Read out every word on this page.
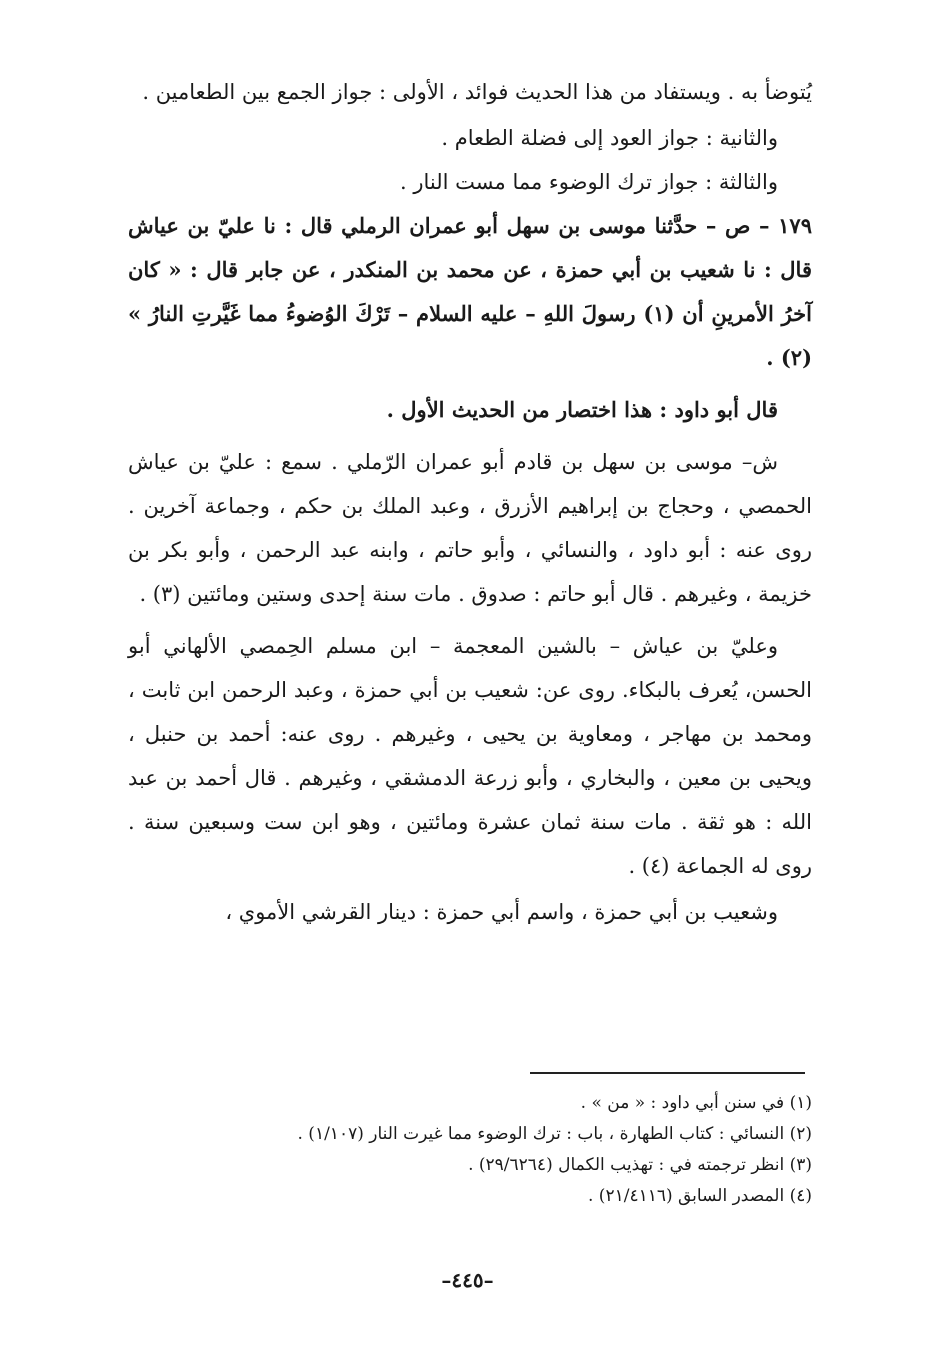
يُتوضأ به . ويستفاد من هذا الحديث فوائد ، الأولى : جواز الجمع بين الطعامين .

والثانية : جواز العود إلى فضلة الطعام .

والثالثة : جواز ترك الوضوء مما مست النار .

١٧٩ – ص – حدَّثنا موسى بن سهل أبو عمران الرملي قال : نا عليّ بن عياش قال : نا شعيب بن أبي حمزة ، عن محمد بن المنكدر ، عن جابر قال : « كان آخرُ الأمرينِ أن (١) رسولَ اللهِ – عليه السلام – تَرْكَ الوُضوءُ مما غَيَّرتِ النارُ » (٢) .

قال أبو داود : هذا اختصار من الحديث الأول .

ش– موسى بن سهل بن قادم أبو عمران الرّملي . سمع : عليّ بن عياش الحمصي ، وحجاج بن إبراهيم الأزرق ، وعبد الملك بن حكم ، وجماعة آخرين . روى عنه : أبو داود ، والنسائي ، وأبو حاتم ، وابنه عبد الرحمن ، وأبو بكر بن خزيمة ، وغيرهم . قال أبو حاتم : صدوق . مات سنة إحدى وستين ومائتين (٣) .

وعليّ بن عياش – بالشين المعجمة – ابن مسلم الحِمصي الألهاني أبو الحسن، يُعرف بالبكاء. روى عن: شعيب بن أبي حمزة ، وعبد الرحمن ابن ثابت ، ومحمد بن مهاجر ، ومعاوية بن يحيى ، وغيرهم . روى عنه: أحمد بن حنبل ، ويحيى بن معين ، والبخاري ، وأبو زرعة الدمشقي ، وغيرهم . قال أحمد بن عبد الله : هو ثقة . مات سنة ثمان عشرة ومائتين ، وهو ابن ست وسبعين سنة . روى له الجماعة (٤) .

وشعيب بن أبي حمزة ، واسم أبي حمزة : دينار القرشي الأموي ،

(١) في سنن أبي داود : « من » .

(٢) النسائي : كتاب الطهارة ، باب : ترك الوضوء مما غيرت النار (١/١٠٧) .

(٣) انظر ترجمته في : تهذيب الكمال (٢٩/٦٢٦٤) .

(٤) المصدر السابق (٢١/٤١١٦) .

–٤٤٥–
